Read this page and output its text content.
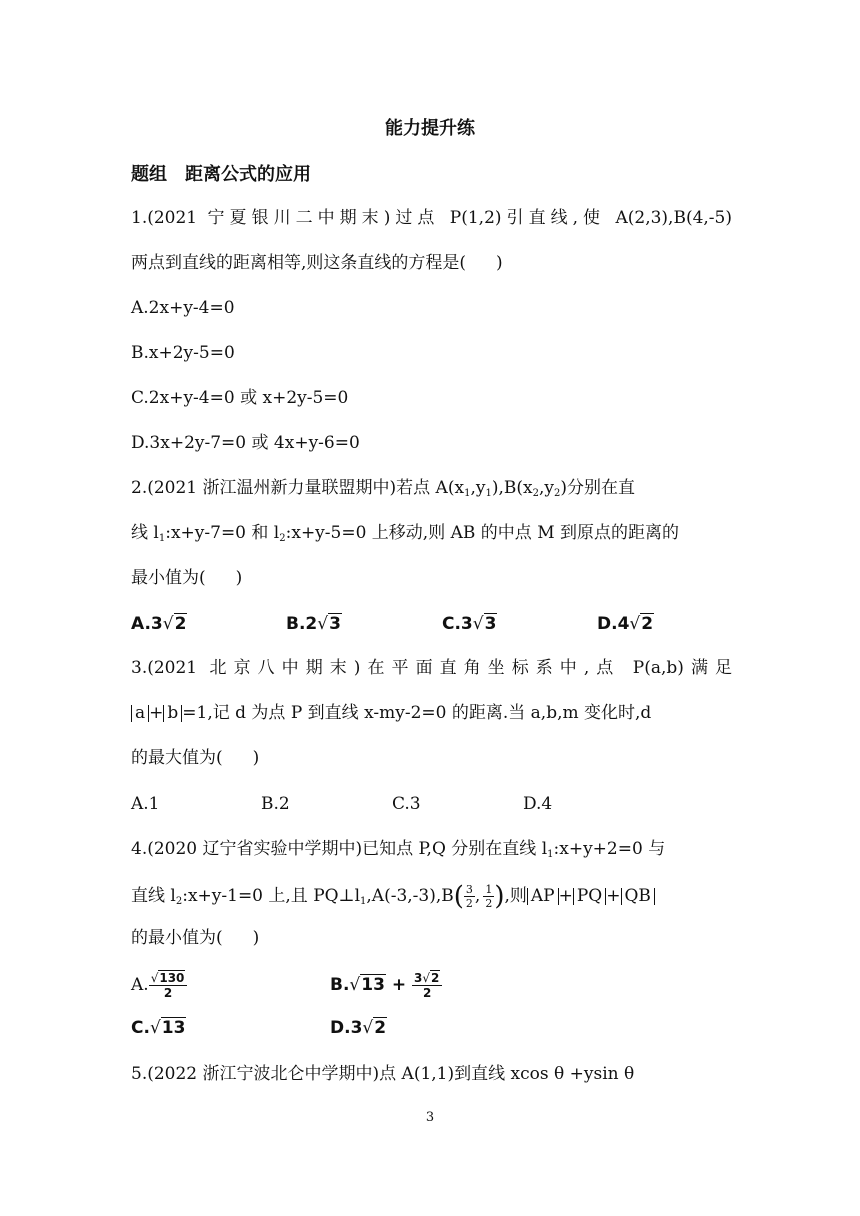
能力提升练
题组 距离公式的应用
1.(2021 宁夏银川二中期末)过点 P(1,2)引直线,使 A(2,3),B(4,-5)
两点到直线的距离相等,则这条直线的方程是( )
A.2x+y-4=0
B.x+2y-5=0
C.2x+y-4=0 或 x+2y-5=0
D.3x+2y-7=0 或 4x+y-6=0
2.(2021 浙江温州新力量联盟期中)若点 $A(x_1,y_1),B(x_2,y_2)$分别在直
线 $l_1:x+y-7=0$ 和 $l_2:x+y-5=0$ 上移动,则 AB 的中点 M 到原点的距离的
最小值为( )
A.3√2	B.2√3	C.3√3	D.4√2
3.(2021 北京八中期末)在平面直角坐标系中,点 P(a,b)满足
a + b =1,记 d 为点 P 到直线 x-my-2=0 的距离.当 a,b,m 变化时,d
的最大值为( )
A.1	B.2	C.3	D.4
4.(2020 辽宁省实验中学期中)已知点 P,Q 分别在直线 $l_1:x+y+2=0$ 与
直线 $l_2:x+y-1=0$ 上,且 $PQ\perp l_1,A(-3,-3),B( \frac{3}{2}$ , $\frac{1}{2}$ ),则 AP + PQ + QB
的最小值为( )
A. $\frac{√130}{2}$	$B.√13 + \frac{3√2}{2}$
C.√13	D.3√2
5.(2022 浙江宁波北仑中学期中)点 A(1,1)到直线 xcos θ +ysin θ
3
